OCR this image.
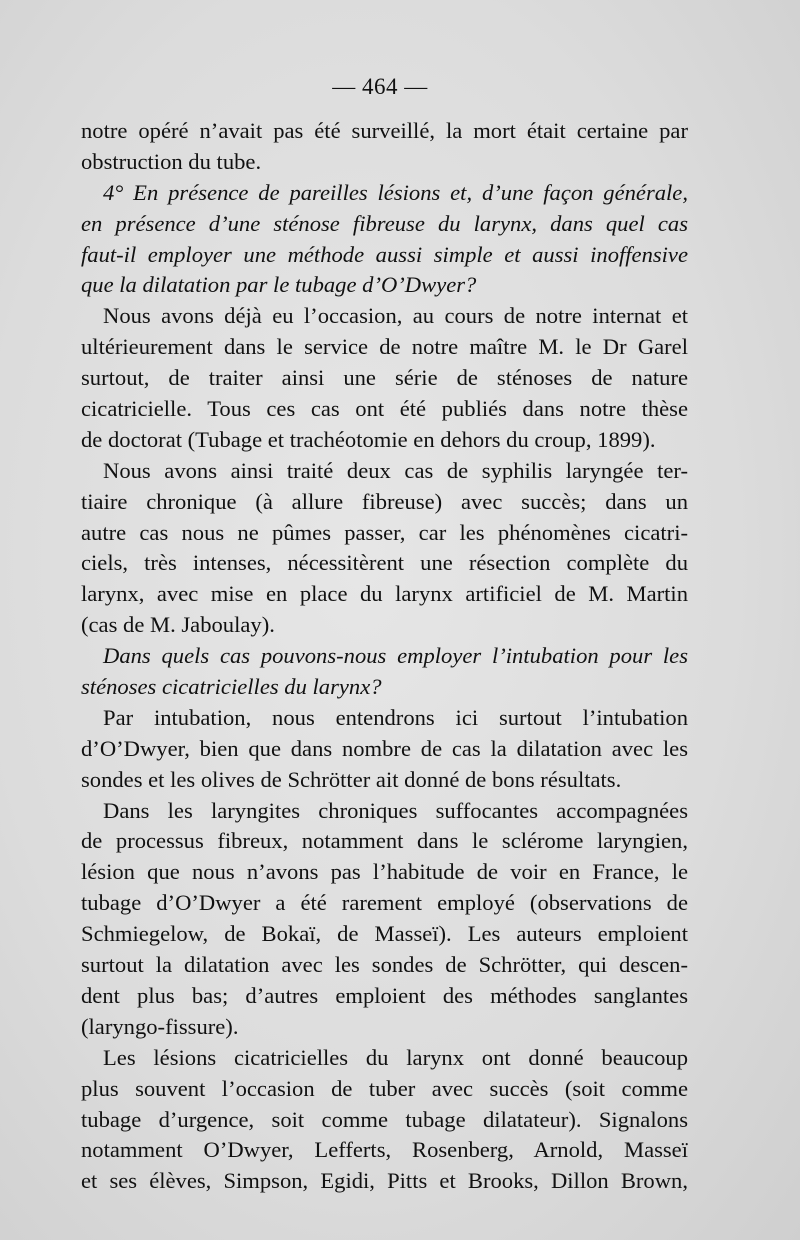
— 464 —
notre opéré n’avait pas été surveillé, la mort était certaine par
obstruction du tube.
4° En présence de pareilles lésions et, d’une façon générale,
en présence d’une sténose fibreuse du larynx, dans quel cas
faut-il employer une méthode aussi simple et aussi inoffensive
que la dilatation par le tubage d’O’Dwyer?
Nous avons déjà eu l’occasion, au cours de notre internat et
ultérieurement dans le service de notre maître M. le Dr Garel
surtout, de traiter ainsi une série de sténoses de nature
cicatricielle. Tous ces cas ont été publiés dans notre thèse
de doctorat (Tubage et trachéotomie en dehors du croup, 1899).
Nous avons ainsi traité deux cas de syphilis laryngée ter-
tiaire chronique (à allure fibreuse) avec succès; dans un
autre cas nous ne pûmes passer, car les phénomènes cicatri-
ciels, très intenses, nécessitèrent une résection complète du
larynx, avec mise en place du larynx artificiel de M. Martin
(cas de M. Jaboulay).
Dans quels cas pouvons-nous employer l’intubation pour les
sténoses cicatricielles du larynx?
Par intubation, nous entendrons ici surtout l’intubation
d’O’Dwyer, bien que dans nombre de cas la dilatation avec les
sondes et les olives de Schrötter ait donné de bons résultats.
Dans les laryngites chroniques suffocantes accompagnées
de processus fibreux, notamment dans le sclérome laryngien,
lésion que nous n’avons pas l’habitude de voir en France, le
tubage d’O’Dwyer a été rarement employé (observations de
Schmiegelow, de Bokaï, de Masseï). Les auteurs emploient
surtout la dilatation avec les sondes de Schrötter, qui descen-
dent plus bas; d’autres emploient des méthodes sanglantes
(laryngo-fissure).
Les lésions cicatricielles du larynx ont donné beaucoup
plus souvent l’occasion de tuber avec succès (soit comme
tubage d’urgence, soit comme tubage dilatateur). Signalons
notamment O’Dwyer, Lefferts, Rosenberg, Arnold, Masseï
et ses élèves, Simpson, Egidi, Pitts et Brooks, Dillon Brown,
